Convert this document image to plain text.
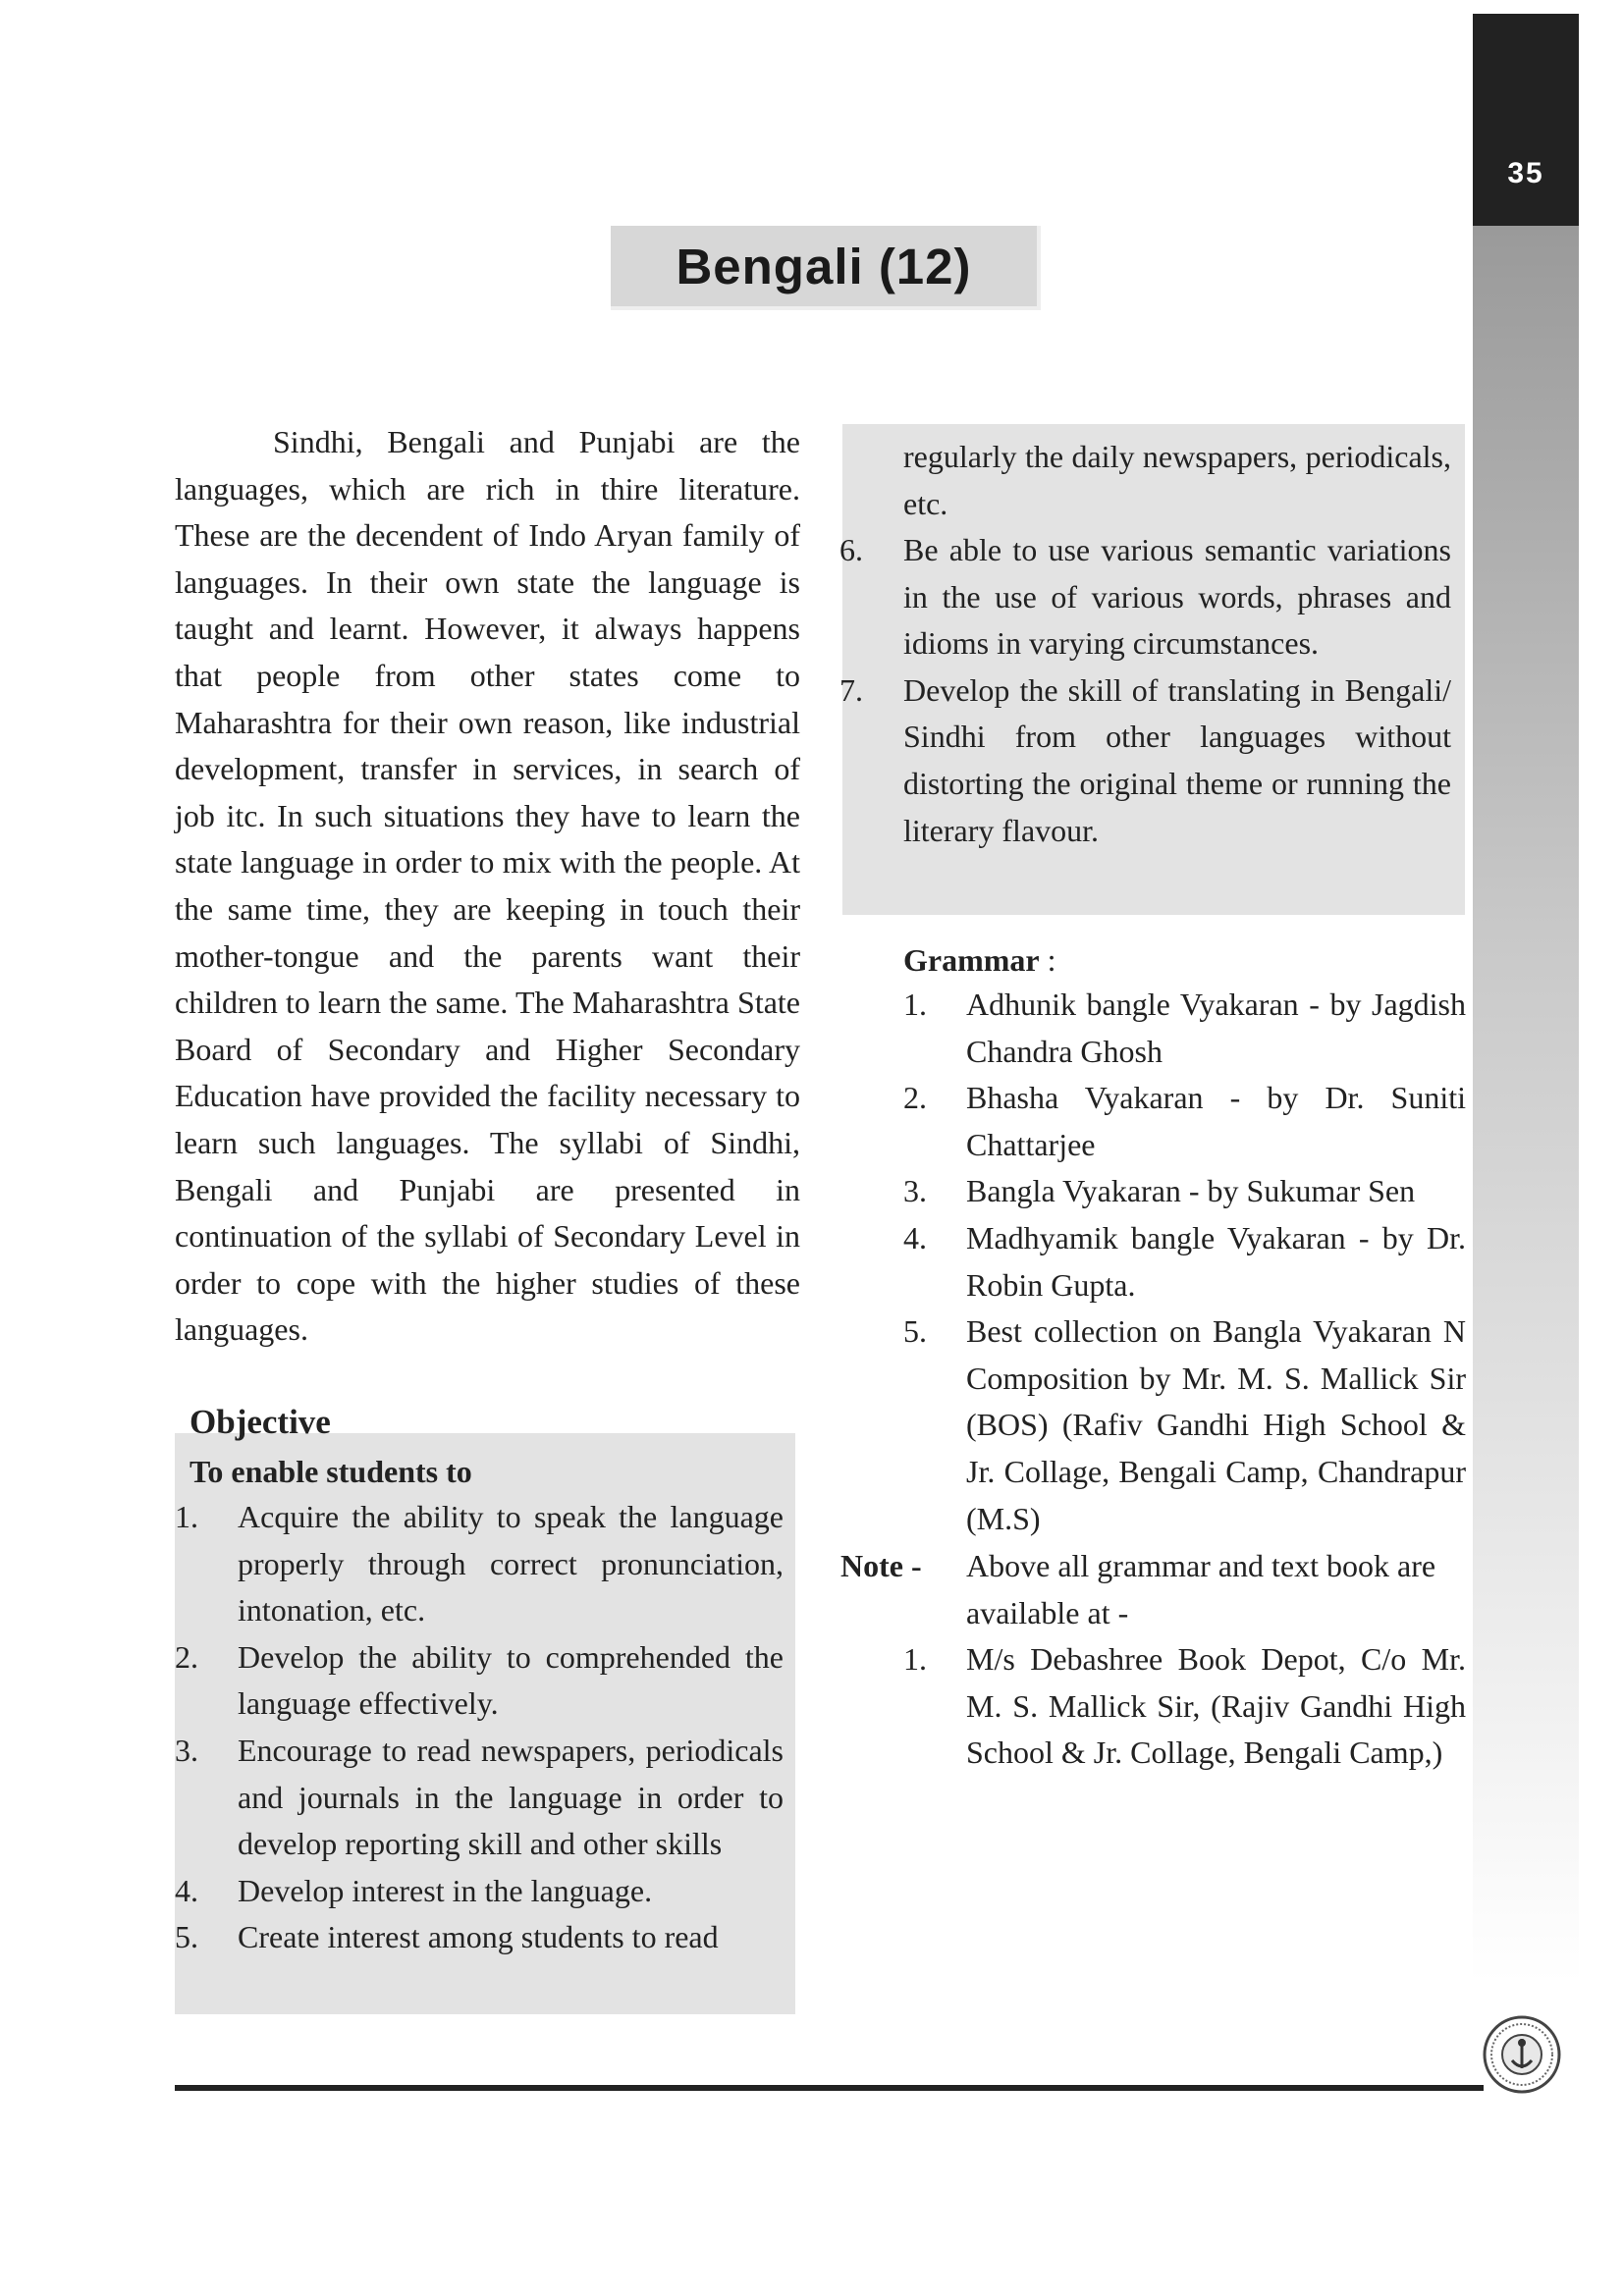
35
Bengali (12)

Sindhi, Bengali and Punjabi are the languages, which are rich in thire literature. These are the decendent of Indo Aryan family of languages. In their own state the language is taught and learnt. However, it always happens that people from other states come to Maharashtra for their own reason, like industrial development, transfer in services, in search of job itc. In such situations they have to learn the state language in order to mix with the people. At the same time, they are keeping in touch their mother-tongue and the parents want their children to learn the same. The Maharashtra State Board of Secondary and Higher Secondary Education have provided the facility necessary to learn such languages. The syllabi of Sindhi, Bengali and Punjabi are presented in continuation of the syllabi of Secondary Level in order to cope with the higher studies of these languages.

Objective
To enable students to
1.	Acquire the ability to speak the language properly through correct pronunciation, intonation, etc.
2.	Develop the ability to comprehended the language effectively.
3.	Encourage to read newspapers, periodicals and journals in the language in order to develop reporting skill and other skills
4.	Develop interest in the language.
5.	Create interest among students to read
regularly the daily newspapers, periodicals, etc.
6.	Be able to use various semantic variations in the use of various words, phrases and idioms in varying circumstances.
7.	Develop the skill of translating in Bengali/ Sindhi from other languages without distorting the original theme or running the literary flavour.
Grammar :
1.	Adhunik bangle Vyakaran - by Jagdish Chandra Ghosh
2.	Bhasha Vyakaran - by Dr. Suniti Chattarjee
3.	Bangla Vyakaran - by Sukumar Sen
4.	Madhyamik bangle Vyakaran - by Dr. Robin Gupta.
5.	Best collection on Bangla Vyakaran N Composition by Mr. M. S. Mallick Sir (BOS) (Rafiv Gandhi High School & Jr. Collage, Bengali Camp, Chandrapur (M.S)
Note - Above all grammar and text book are available at -
1.	M/s Debashree Book Depot, C/o Mr. M. S. Mallick Sir, (Rajiv Gandhi High School & Jr. Collage, Bengali Camp,)
